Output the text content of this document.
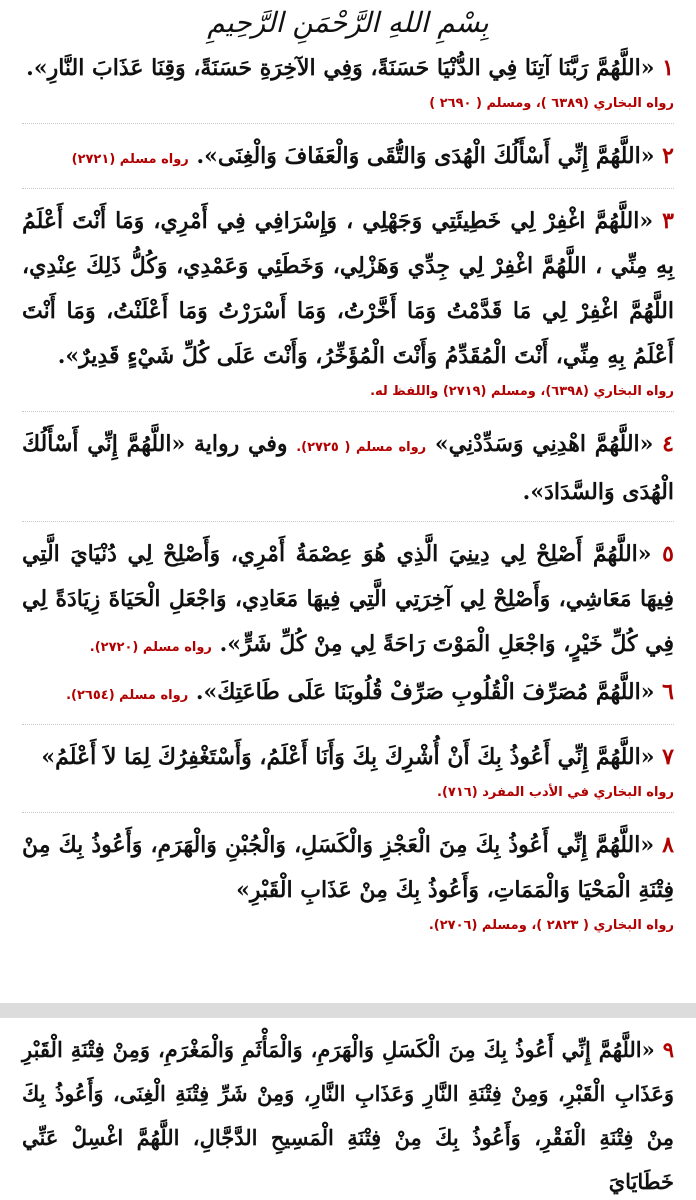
بِسْمِ اللهِ الرَّحْمَنِ الرَّحِيمِ
١ «اللَّهُمَّ رَبَّنَا آتِنَا فِي الدُّنْيَا حَسَنَةً، وَفِي الآخِرَةِ حَسَنَةً، وَقِنَا عَذَابَ النَّارِ».
رواه البخاري (٦٣٨٩ )، ومسلم ( ٢٦٩٠ )
٢ «اللَّهُمَّ إِنِّي أَسْأَلُكَ الْهُدَى وَالتُّقَى وَالْعَفَافَ وَالْغِنَى». رواه مسلم (٢٧٢١)
٣ «اللَّهُمَّ اغْفِرْ لِي خَطِيئَتِي وَجَهْلِي ، وَإِسْرَافِي فِي أَمْرِي، وَمَا أَنْتَ أَعْلَمُ بِهِ مِنِّي ، اللَّهُمَّ اغْفِرْ لِي جِدِّي وَهَزْلِي، وَخَطَئِي وَعَمْدِي، وَكُلُّ ذَلِكَ عِنْدِي، اللَّهُمَّ اغْفِرْ لِي مَا قَدَّمْتُ وَمَا أَخَّرْتُ، وَمَا أَسْرَرْتُ وَمَا أَعْلَنْتُ، وَمَا أَنْتَ أَعْلَمُ بِهِ مِنِّي، أَنْتَ الْمُقَدِّمُ وَأَنْتَ الْمُؤَخِّرُ، وَأَنْتَ عَلَى كُلِّ شَيْءٍ قَدِيرٌ».
رواه البخاري (٦٣٩٨)، ومسلم (٢٧١٩) واللفظ له.
٤ «اللَّهُمَّ اهْدِنِي وَسَدِّدْنِي» رواه مسلم ( ٢٧٢٥). وفي رواية «اللَّهُمَّ إِنِّي أَسْأَلُكَ الْهُدَى وَالسَّدَادَ».
٥ «اللَّهُمَّ أَصْلِحْ لِي دِينِيَ الَّذِي هُوَ عِصْمَةُ أَمْرِي، وَأَصْلِحْ لِي دُنْيَايَ الَّتِي فِيهَا مَعَاشِي، وَأَصْلِحْ لِي آخِرَتِي الَّتِي فِيهَا مَعَادِي، وَاجْعَلِ الْحَيَاةَ زِيَادَةً لِي فِي كُلِّ خَيْرٍ، وَاجْعَلِ الْمَوْتَ رَاحَةً لِي مِنْ كُلِّ شَرٍّ». رواه مسلم (٢٧٢٠).
٦ «اللَّهُمَّ مُصَرِّفَ الْقُلُوبِ صَرِّفْ قُلُوبَنَا عَلَى طَاعَتِكَ». رواه مسلم (٢٦٥٤).
٧ «اللَّهُمَّ إِنِّي أَعُوذُ بِكَ أَنْ أُشْرِكَ بِكَ وَأَنَا أَعْلَمُ، وَأَسْتَغْفِرُكَ لِمَا لاَ أَعْلَمُ»
رواه البخاري في الأدب المفرد (٧١٦).
٨ «اللَّهُمَّ إِنِّي أَعُوذُ بِكَ مِنَ الْعَجْزِ وَالْكَسَلِ، وَالْجُبْنِ وَالْهَرَمِ، وَأَعُوذُ بِكَ مِنْ فِتْنَةِ الْمَحْيَا وَالْمَمَاتِ، وَأَعُوذُ بِكَ مِنْ عَذَابِ الْقَبْرِ»
رواه البخاري ( ٢٨٢٣ )، ومسلم (٢٧٠٦).
٩ «اللَّهُمَّ إِنِّي أَعُوذُ بِكَ مِنَ الْكَسَلِ وَالْهَرَمِ، وَالْمَأْثَمِ وَالْمَغْرَمِ، وَمِنْ فِتْنَةِ الْقَبْرِ وَعَذَابِ الْقَبْرِ، وَمِنْ فِتْنَةِ النَّارِ وَعَذَابِ النَّارِ، وَمِنْ شَرِّ فِتْنَةِ الْغِنَى، وَأَعُوذُ بِكَ مِنْ فِتْنَةِ الْفَقْرِ، وَأَعُوذُ بِكَ مِنْ فِتْنَةِ الْمَسِيحِ الدَّجَّالِ، اللَّهُمَّ اغْسِلْ عَنِّي خَطَايَايَ
